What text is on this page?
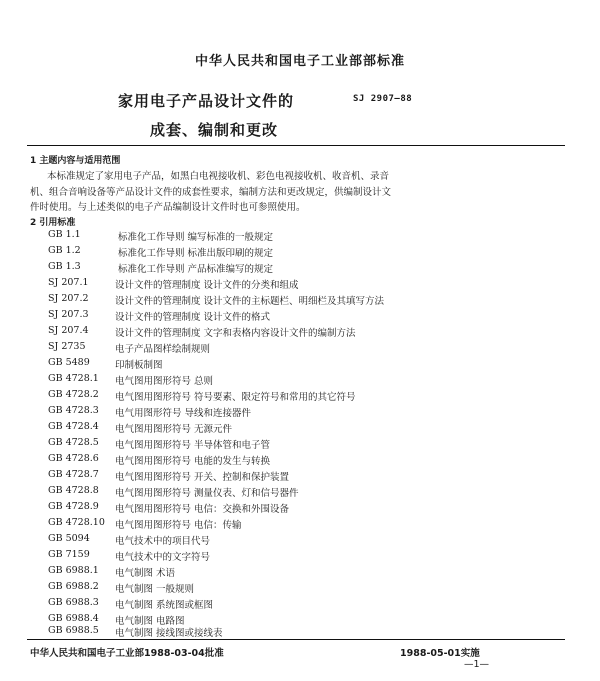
中华人民共和国电子工业部部标准
家用电子产品设计文件的
成套、编制和更改
SJ 2907—88
1 主题内容与适用范围
本标准规定了家用电子产品，如黑白电视接收机、彩色电视接收机、收音机、录音
机、组合音响设备等产品设计文件的成套性要求，编制方法和更改规定，供编制设计文
件时使用。与上述类似的电子产品编制设计文件时也可参照使用。
2 引用标准
GB 1.1	标准化工作导则 编写标准的一般规定
GB 1.2	标准化工作导则 标准出版印刷的规定
GB 1.3	标准化工作导则 产品标准编写的规定
SJ 207.1	设计文件的管理制度 设计文件的分类和组成
SJ 207.2	设计文件的管理制度 设计文件的主标题栏、明细栏及其填写方法
SJ 207.3	设计文件的管理制度 设计文件的格式
SJ 207.4	设计文件的管理制度 文字和表格内容设计文件的编制方法
SJ 2735	电子产品图样绘制规则
GB 5489	印制板制图
GB 4728.1 电气图用图形符号 总则
GB 4728.2 电气图用图形符号 符号要素、限定符号和常用的其它符号
GB 4728.3 电气用图形符号 导线和连接器件
GB 4728.4 电气图用图形符号 无源元件
GB 4728.5 电气图用图形符号 半导体管和电子管
GB 4728.6 电气图用图形符号 电能的发生与转换
GB 4728.7 电气图用图形符号 开关、控制和保护装置
GB 4728.8 电气图用图形符号 测量仪表、灯和信号器件
GB 4728.9 电气图用图形符号 电信：交换和外围设备
GB 4728.10 电气图用图形符号 电信：传输
GB 5094	电气技术中的项目代号
GB 7159	电气技术中的文字符号
GB 6988.1 电气制图 术语
GB 6988.2 电气制图 一般规则
GB 6988.3 电气制图 系统图或框图
GB 6988.4 电气制图 电路图
GB 6988.5 电气制图 接线图或接线表
中华人民共和国电子工业部1988-03-04批准	1988-05-01实施
—1—
